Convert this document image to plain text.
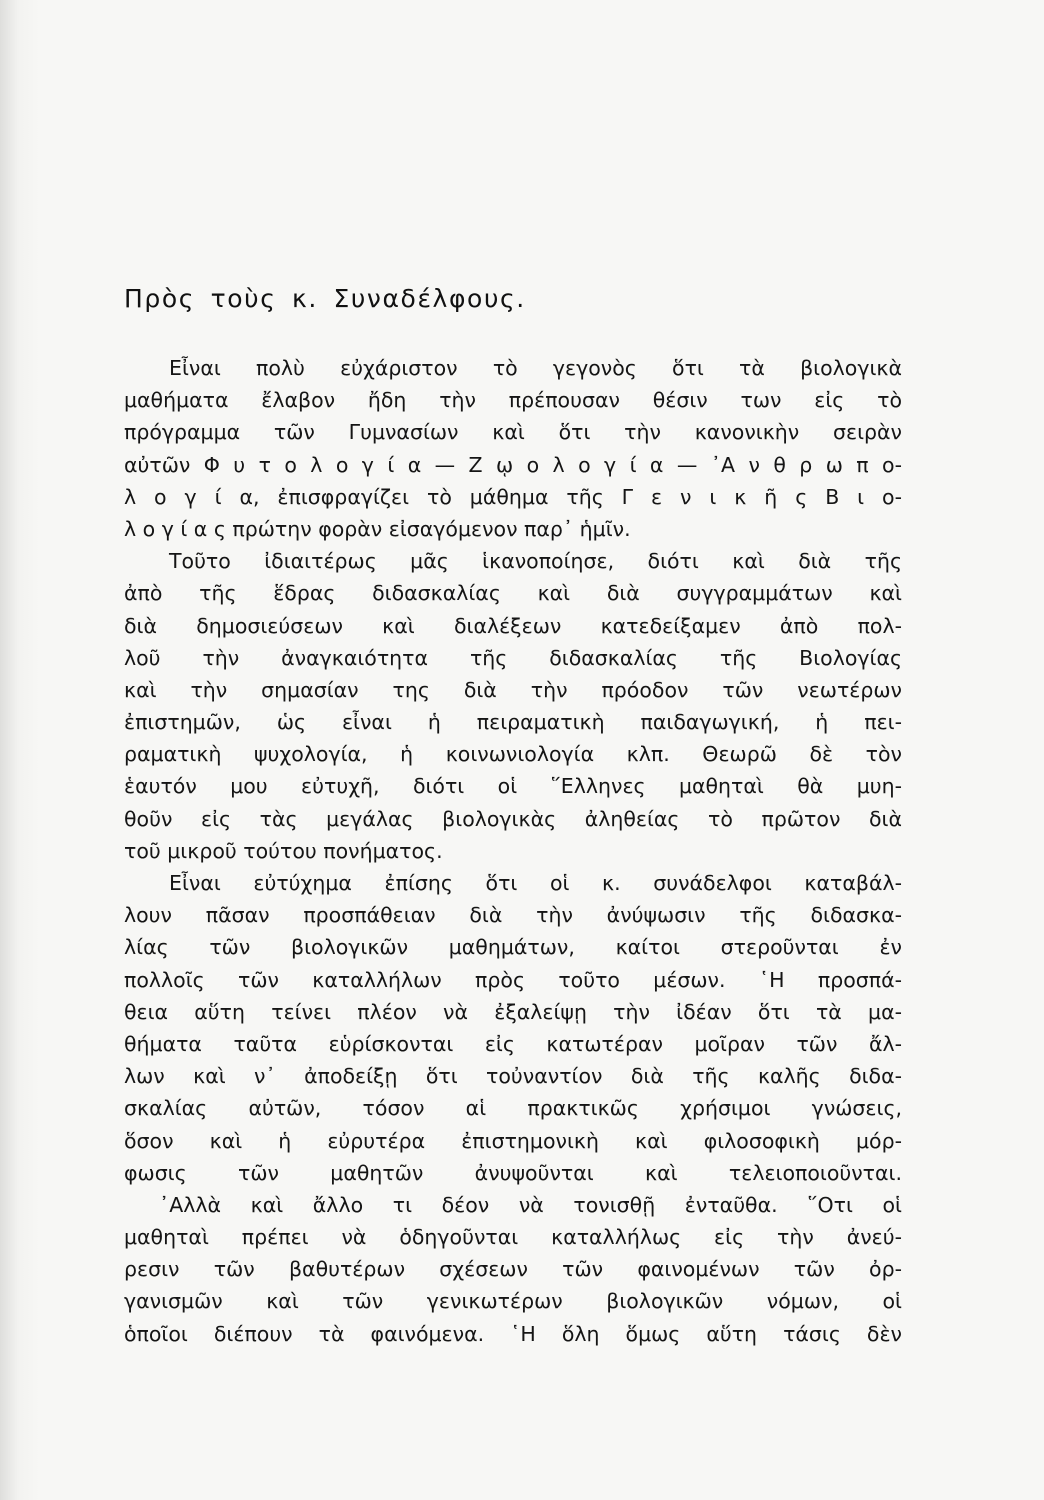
Πρὸς τοὺς κ. Συναδέλφους.
Εἶναι πολὺ εὐχάριστον τὸ γεγονὸς ὅτι τὰ βιολογικὰ
μαθήματα ἔλαβον ἤδη τὴν πρέπουσαν θέσιν των εἰς τὸ
πρόγραμμα τῶν Γυμνασίων καὶ ὅτι τὴν κανονικὴν σειρὰν
αὐτῶν Φ υ τ ο λ ο γ ί α — Ζ ῳ ο λ ο γ ί α — ᾿Α ν θ ρ ω π ο-
λ ο γ ί α, ἐπισφραγίζει τὸ μάθημα τῆς Γ ε ν ι κ ῆ ς Β ι ο-
λ ο γ ί α ς πρώτην φορὰν εἰσαγόμενον παρ᾿ ἡμῖν.
Τοῦτο ἰδιαιτέρως μᾶς ἱκανοποίησε, διότι καὶ διὰ τῆς
ἀπὸ τῆς ἕδρας διδασκαλίας καὶ διὰ συγγραμμάτων καὶ
διὰ δημοσιεύσεων καὶ διαλέξεων κατεδείξαμεν ἀπὸ πολ-
λοῦ τὴν ἀναγκαιότητα τῆς διδασκαλίας τῆς Βιολογίας
καὶ τὴν σημασίαν της διὰ τὴν πρόοδον τῶν νεωτέρων
ἐπιστημῶν, ὡς εἶναι ἡ πειραματικὴ παιδαγωγική, ἡ πει-
ραματικὴ ψυχολογία, ἡ κοινωνιολογία κλπ. Θεωρῶ δὲ τὸν
ἑαυτόν μου εὐτυχῆ, διότι οἱ ῞Ελληνες μαθηταὶ θὰ μυη-
θοῦν εἰς τὰς μεγάλας βιολογικὰς ἀληθείας τὸ πρῶτον διὰ
τοῦ μικροῦ τούτου πονήματος.
Εἶναι εὐτύχημα ἐπίσης ὅτι οἱ κ. συνάδελφοι καταβάλ-
λουν πᾶσαν προσπάθειαν διὰ τὴν ἀνύψωσιν τῆς διδασκα-
λίας τῶν βιολογικῶν μαθημάτων, καίτοι στεροῦνται ἐν
πολλοῖς τῶν καταλλήλων πρὸς τοῦτο μέσων. ῾Η προσπά-
θεια αὕτη τείνει πλέον νὰ ἐξαλείψῃ τὴν ἰδέαν ὅτι τὰ μα-
θήματα ταῦτα εὑρίσκονται εἰς κατωτέραν μοῖραν τῶν ἄλ-
λων καὶ ν᾿ ἀποδείξῃ ὅτι τοὐναντίον διὰ τῆς καλῆς διδα-
σκαλίας αὐτῶν, τόσον αἱ πρακτικῶς χρήσιμοι γνώσεις,
ὅσον καὶ ἡ εὐρυτέρα ἐπιστημονικὴ καὶ φιλοσοφικὴ μόρ-
φωσις τῶν μαθητῶν ἀνυψοῦνται καὶ τελειοποιοῦνται.
᾿Αλλὰ καὶ ἄλλο τι δέον νὰ τονισθῇ ἐνταῦθα. ῞Οτι οἱ
μαθηταὶ πρέπει νὰ ὁδηγοῦνται καταλλήλως εἰς τὴν ἀνεύ-
ρεσιν τῶν βαθυτέρων σχέσεων τῶν φαινομένων τῶν ὀρ-
γανισμῶν καὶ τῶν γενικωτέρων βιολογικῶν νόμων, οἱ
ὁποῖοι διέπουν τὰ φαινόμενα. ῾Η ὅλη ὅμως αὕτη τάσις δὲν
